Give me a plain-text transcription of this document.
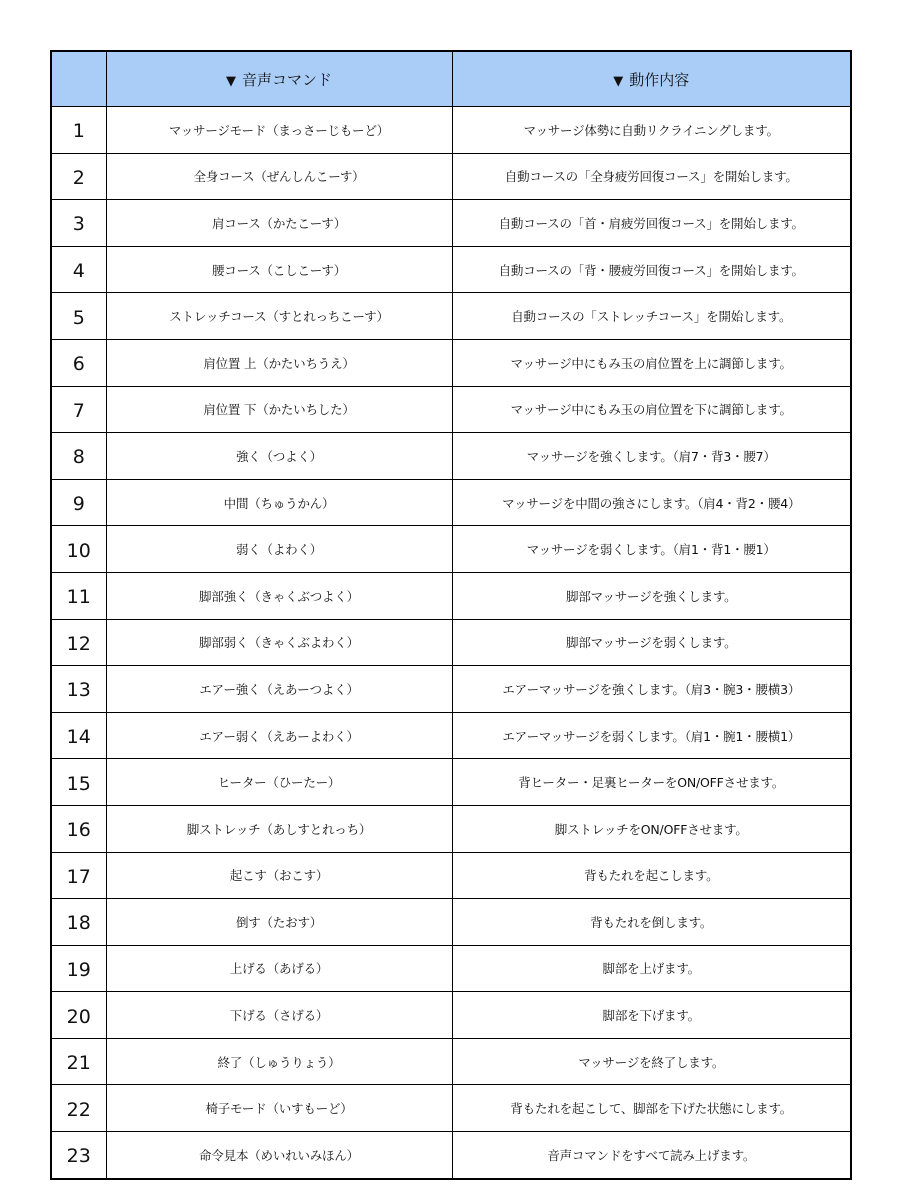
	▼ 音声コマンド	▼ 動作内容
1	マッサージモード（まっさーじもーど）	マッサージ体勢に自動リクライニングします。
2	全身コース（ぜんしんこーす）	自動コースの「全身疲労回復コース」を開始します。
3	肩コース（かたこーす）	自動コースの「首・肩疲労回復コース」を開始します。
4	腰コース（こしこーす）	自動コースの「背・腰疲労回復コース」を開始します。
5	ストレッチコース（すとれっちこーす）	自動コースの「ストレッチコース」を開始します。
6	肩位置 上（かたいちうえ）	マッサージ中にもみ玉の肩位置を上に調節します。
7	肩位置 下（かたいちした）	マッサージ中にもみ玉の肩位置を下に調節します。
8	強く（つよく）	マッサージを強くします。（肩7・背3・腰7）
9	中間（ちゅうかん）	マッサージを中間の強さにします。（肩4・背2・腰4）
10	弱く（よわく）	マッサージを弱くします。（肩1・背1・腰1）
11	脚部強く（きゃくぶつよく）	脚部マッサージを強くします。
12	脚部弱く（きゃくぶよわく）	脚部マッサージを弱くします。
13	エアー強く（えあーつよく）	エアーマッサージを強くします。（肩3・腕3・腰横3）
14	エアー弱く（えあーよわく）	エアーマッサージを弱くします。（肩1・腕1・腰横1）
15	ヒーター（ひーたー）	背ヒーター・足裏ヒーターをON/OFFさせます。
16	脚ストレッチ（あしすとれっち）	脚ストレッチをON/OFFさせます。
17	起こす（おこす）	背もたれを起こします。
18	倒す（たおす）	背もたれを倒します。
19	上げる（あげる）	脚部を上げます。
20	下げる（さげる）	脚部を下げます。
21	終了（しゅうりょう）	マッサージを終了します。
22	椅子モード（いすもーど）	背もたれを起こして、脚部を下げた状態にします。
23	命令見本（めいれいみほん）	音声コマンドをすべて読み上げます。
